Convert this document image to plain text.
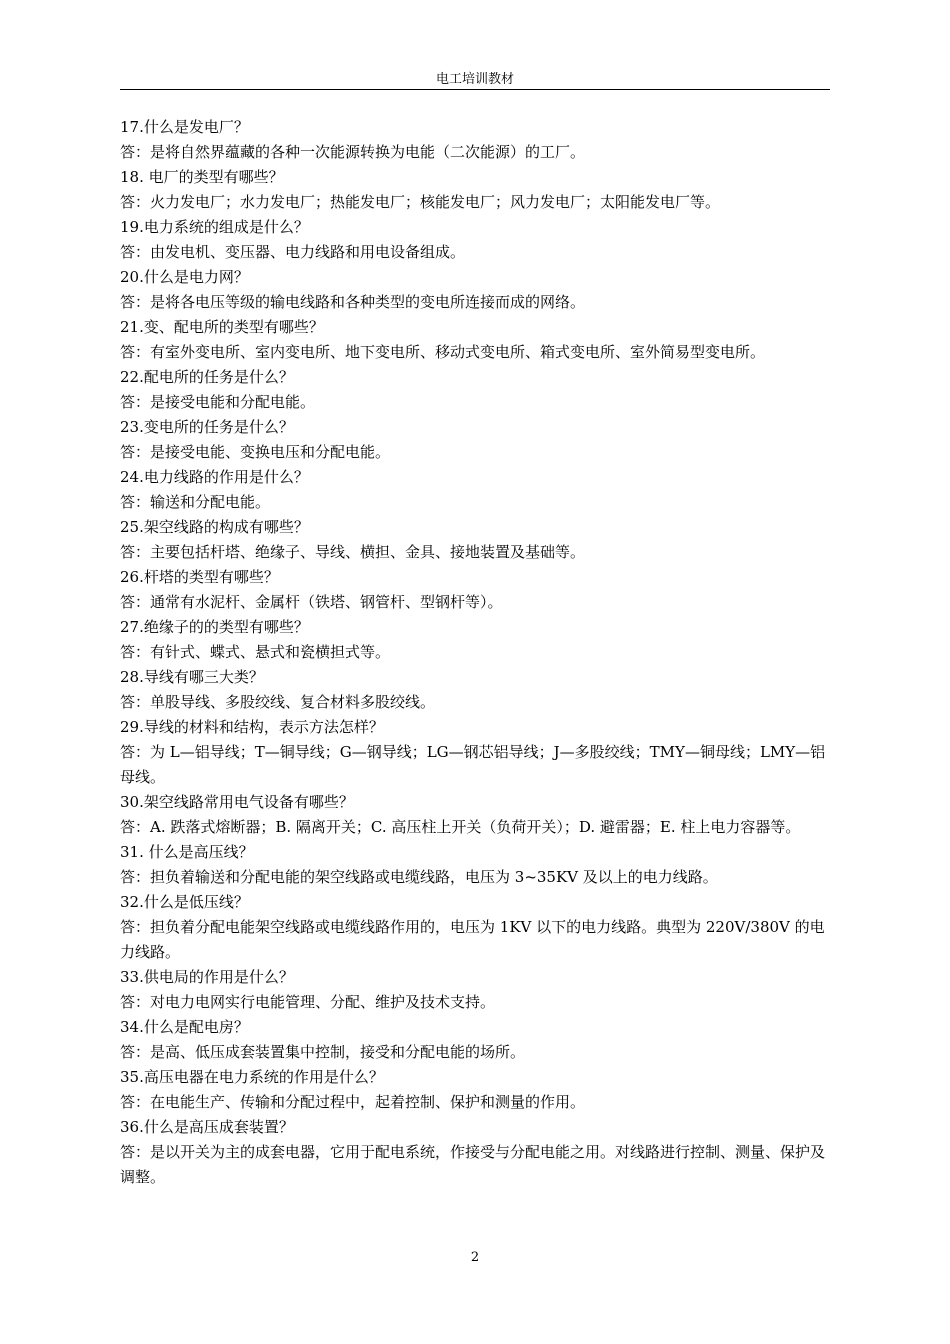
电工培训教材
17.什么是发电厂？
答：是将自然界蕴藏的各种一次能源转换为电能（二次能源）的工厂。
18. 电厂的类型有哪些？
答：火力发电厂；水力发电厂；热能发电厂；核能发电厂；风力发电厂；太阳能发电厂等。
19.电力系统的组成是什么？
答：由发电机、变压器、电力线路和用电设备组成。
20.什么是电力网？
答：是将各电压等级的输电线路和各种类型的变电所连接而成的网络。
21.变、配电所的类型有哪些？
答：有室外变电所、室内变电所、地下变电所、移动式变电所、箱式变电所、室外简易型变电所。
22.配电所的任务是什么？
答：是接受电能和分配电能。
23.变电所的任务是什么？
答：是接受电能、变换电压和分配电能。
24.电力线路的作用是什么？
答：输送和分配电能。
25.架空线路的构成有哪些？
答：主要包括杆塔、绝缘子、导线、横担、金具、接地装置及基础等。
26.杆塔的类型有哪些？
答：通常有水泥杆、金属杆（铁塔、钢管杆、型钢杆等）。
27.绝缘子的的类型有哪些？
答：有针式、蝶式、悬式和瓷横担式等。
28.导线有哪三大类？
答：单股导线、多股绞线、复合材料多股绞线。
29.导线的材料和结构，表示方法怎样？
答：为 L—铝导线；T—铜导线；G—钢导线；LG—钢芯铝导线；J—多股绞线；TMY—铜母线；LMY—铝母线。
30.架空线路常用电气设备有哪些？
答：A. 跌落式熔断器；B. 隔离开关；C. 高压柱上开关（负荷开关）；D. 避雷器；E. 柱上电力容器等。
31. 什么是高压线？
答：担负着输送和分配电能的架空线路或电缆线路，电压为 3~35KV 及以上的电力线路。
32.什么是低压线？
答：担负着分配电能架空线路或电缆线路作用的，电压为 1KV 以下的电力线路。典型为 220V/380V 的电力线路。
33.供电局的作用是什么？
答：对电力电网实行电能管理、分配、维护及技术支持。
34.什么是配电房？
答：是高、低压成套装置集中控制，接受和分配电能的场所。
35.高压电器在电力系统的作用是什么？
答：在电能生产、传输和分配过程中，起着控制、保护和测量的作用。
36.什么是高压成套装置？
答：是以开关为主的成套电器，它用于配电系统，作接受与分配电能之用。对线路进行控制、测量、保护及调整。
2
